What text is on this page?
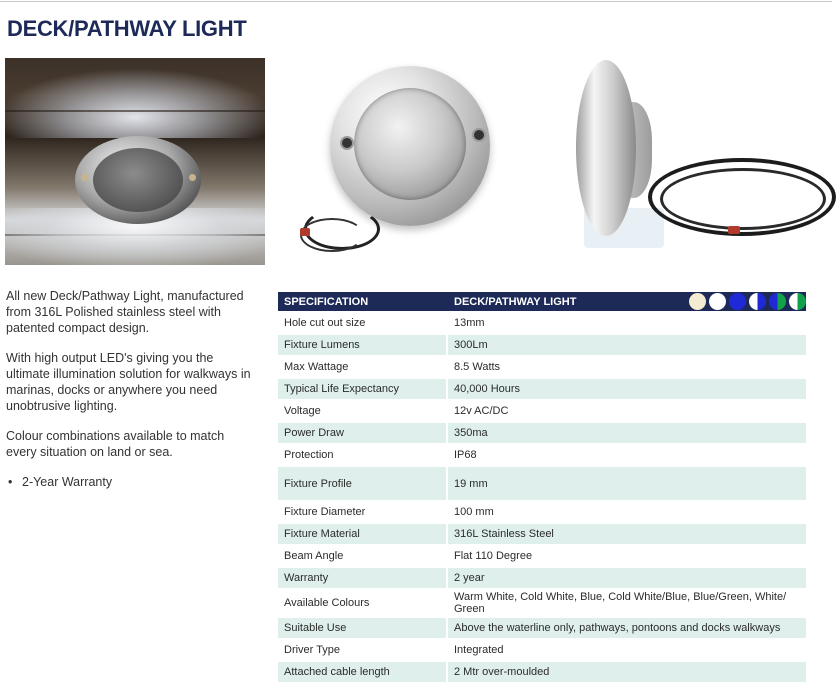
DECK/PATHWAY LIGHT

All new Deck/Pathway Light, manufactured from 316L Polished stainless steel with patented compact design.

With high output LED's giving you the ultimate illumination solution for walkways in marinas, docks or anywhere you need unobtrusive lighting.

Colour combinations available to match every situation on land or sea.

• 2-Year Warranty
SPECIFICATION	DECK/PATHWAY LIGHT

Hole cut out size	13mm
Fixture Lumens	300Lm
Max Wattage	8.5 Watts
Typical Life Expectancy	40,000 Hours
Voltage	12v AC/DC
Power Draw	350ma
Protection	IP68
Fixture Profile	19 mm
Fixture Diameter	100 mm
Fixture Material	316L Stainless Steel
Beam Angle	Flat 110 Degree
Warranty	2 year
Available Colours	Warm White, Cold White, Blue, Cold White/Blue, Blue/Green, White/ Green
Suitable Use	Above the waterline only, pathways, pontoons and docks walkways
Driver Type	Integrated
Attached cable length	2 Mtr over-moulded
